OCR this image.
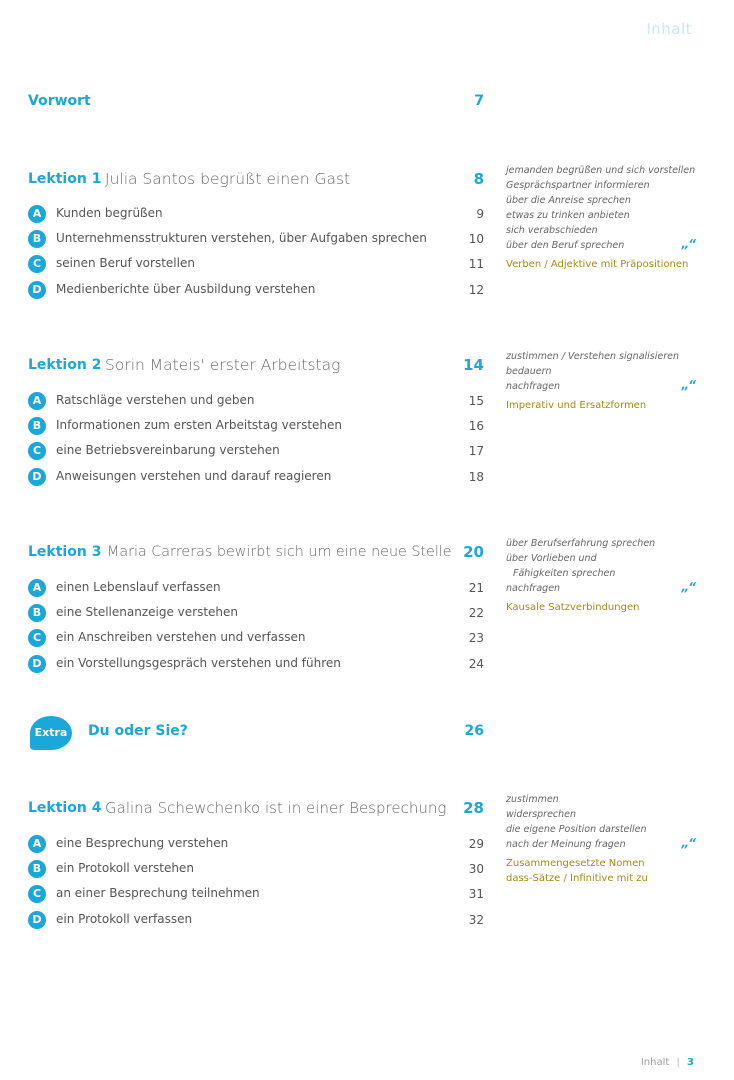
Inhalt
Vorwort	7
Lektion 1 Julia Santos begrüßt einen Gast	8
A	Kunden begrüßen	9
B	Unternehmensstrukturen verstehen, über Aufgaben sprechen	10
C	seinen Beruf vorstellen	11
D	Medienberichte über Ausbildung verstehen	12
jemanden begrüßen und sich vorstellen
Gesprächspartner informieren
über die Anreise sprechen
etwas zu trinken anbieten
sich verabschieden
über den Beruf sprechen	„“
Verben / Adjektive mit Präpositionen
Lektion 2 Sorin Mateis' erster Arbeitstag	14
A	Ratschläge verstehen und geben	15
B	Informationen zum ersten Arbeitstag verstehen	16
C	eine Betriebsvereinbarung verstehen	17
D	Anweisungen verstehen und darauf reagieren	18
zustimmen / Verstehen signalisieren
bedauern
nachfragen	„“
Imperativ und Ersatzformen
Lektion 3 Maria Carreras bewirbt sich um eine neue Stelle 20
A	einen Lebenslauf verfassen	21
B	eine Stellenanzeige verstehen	22
C	ein Anschreiben verstehen und verfassen	23
D	ein Vorstellungsgespräch verstehen und führen	24
über Berufserfahrung sprechen
über Vorlieben und
Fähigkeiten sprechen
nachfragen	„“
Kausale Satzverbindungen
Extra	Du oder Sie?	26
Lektion 4 Galina Schewchenko ist in einer Besprechung 28
A	eine Besprechung verstehen	29
B	ein Protokoll verstehen	30
C	an einer Besprechung teilnehmen	31
D	ein Protokoll verfassen	32
zustimmen
widersprechen
die eigene Position darstellen
nach der Meinung fragen	„“
Zusammengesetzte Nomen
dass-Sätze / Infinitive mit zu
Inhalt | 3
